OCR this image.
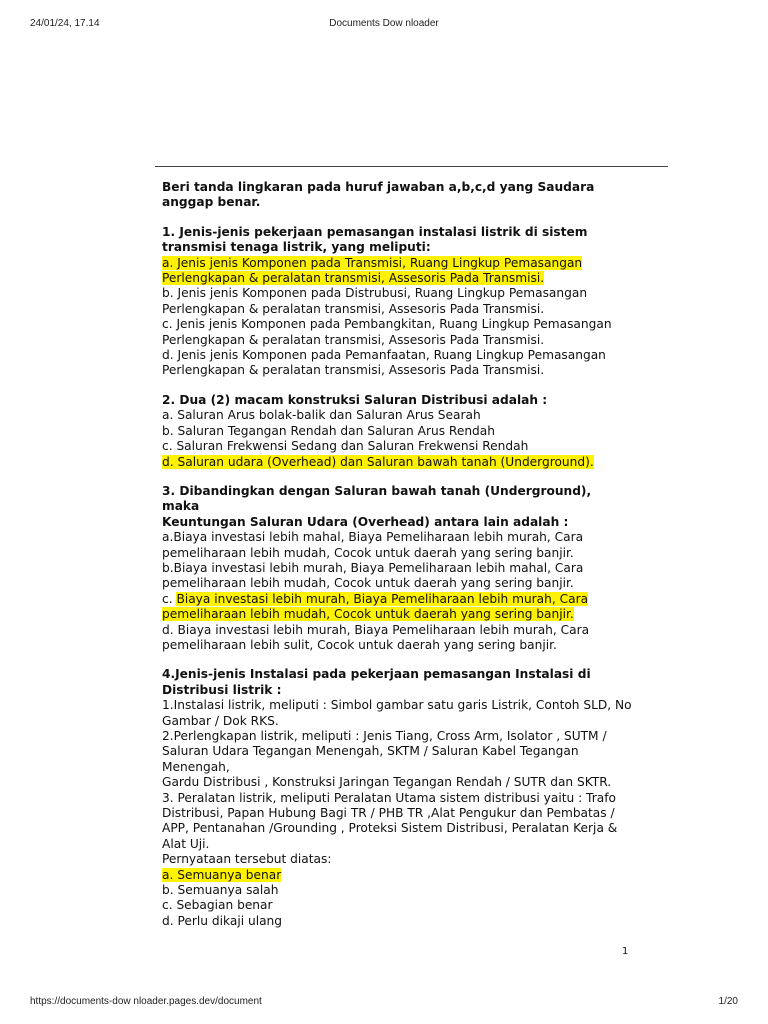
24/01/24, 17.14	Documents Dow nloader

Beri tanda lingkaran pada huruf jawaban a,b,c,d yang Saudara

anggap benar.

1. Jenis-jenis pekerjaan pemasangan instalasi listrik di sistem

transmisi tenaga listrik, yang meliputi:

a. Jenis jenis Komponen pada Transmisi, Ruang Lingkup Pemasangan

Perlengkapan & peralatan transmisi, Assesoris Pada Transmisi.

b. Jenis jenis Komponen pada Distrubusi, Ruang Lingkup Pemasangan

Perlengkapan & peralatan transmisi, Assesoris Pada Transmisi.

c. Jenis jenis Komponen pada Pembangkitan, Ruang Lingkup Pemasangan

Perlengkapan & peralatan transmisi, Assesoris Pada Transmisi.

d. Jenis jenis Komponen pada Pemanfaatan, Ruang Lingkup Pemasangan

Perlengkapan & peralatan transmisi, Assesoris Pada Transmisi.

2. Dua (2) macam konstruksi Saluran Distribusi adalah :

a. Saluran Arus bolak-balik dan Saluran Arus Searah

b. Saluran Tegangan Rendah dan Saluran Arus Rendah

c. Saluran Frekwensi Sedang dan Saluran Frekwensi Rendah

d. Saluran udara (Overhead) dan Saluran bawah tanah (Underground).

3. Dibandingkan dengan Saluran bawah tanah (Underground), maka

Keuntungan Saluran Udara (Overhead) antara lain adalah :

a.Biaya investasi lebih mahal, Biaya Pemeliharaan lebih murah, Cara

pemeliharaan lebih mudah, Cocok untuk daerah yang sering banjir.

b.Biaya investasi lebih murah, Biaya Pemeliharaan lebih mahal, Cara

pemeliharaan lebih mudah, Cocok untuk daerah yang sering banjir.

c. Biaya investasi lebih murah, Biaya Pemeliharaan lebih murah, Cara

pemeliharaan lebih mudah, Cocok untuk daerah yang sering banjir.

d. Biaya investasi lebih murah, Biaya Pemeliharaan lebih murah, Cara

pemeliharaan lebih sulit, Cocok untuk daerah yang sering banjir.

4.Jenis-jenis Instalasi pada pekerjaan pemasangan Instalasi di

Distribusi listrik :

1.Instalasi listrik, meliputi : Simbol gambar satu garis Listrik, Contoh SLD, No

Gambar / Dok RKS.

2.Perlengkapan listrik, meliputi : Jenis Tiang, Cross Arm, Isolator , SUTM /

Saluran Udara Tegangan Menengah, SKTM / Saluran Kabel Tegangan Menengah,

Gardu Distribusi , Konstruksi Jaringan Tegangan Rendah / SUTR dan SKTR.

3. Peralatan listrik, meliputi Peralatan Utama sistem distribusi yaitu : Trafo

Distribusi, Papan Hubung Bagi TR / PHB TR ,Alat Pengukur dan Pembatas /

APP, Pentanahan /Grounding , Proteksi Sistem Distribusi, Peralatan Kerja &

Alat Uji.

Pernyataan tersebut diatas:

a. Semuanya benar

b. Semuanya salah

c. Sebagian benar

d. Perlu dikaji ulang

1
https://documents-dow nloader.pages.dev/document	1/20
